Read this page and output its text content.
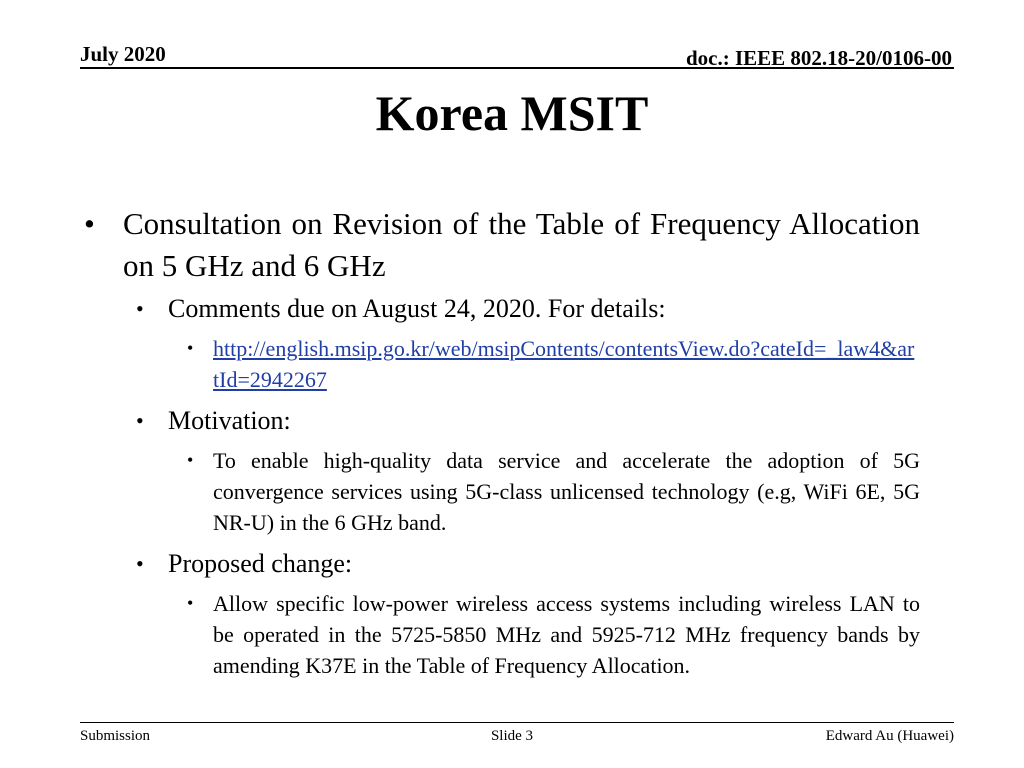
July 2020	doc.: IEEE 802.18-20/0106-00
Korea MSIT
• Consultation on Revision of the Table of Frequency Allocation on 5 GHz and 6 GHz
• Comments due on August 24, 2020. For details:
• http://english.msip.go.kr/web/msipContents/contentsView.do?cateId=_law4&artId=2942267
• Motivation:
• To enable high-quality data service and accelerate the adoption of 5G convergence services using 5G-class unlicensed technology (e.g, WiFi 6E, 5G NR-U) in the 6 GHz band.
• Proposed change:
• Allow specific low-power wireless access systems including wireless LAN to be operated in the 5725-5850 MHz and 5925-712 MHz frequency bands by amending K37E in the Table of Frequency Allocation.
Submission	Slide 3	Edward Au (Huawei)
